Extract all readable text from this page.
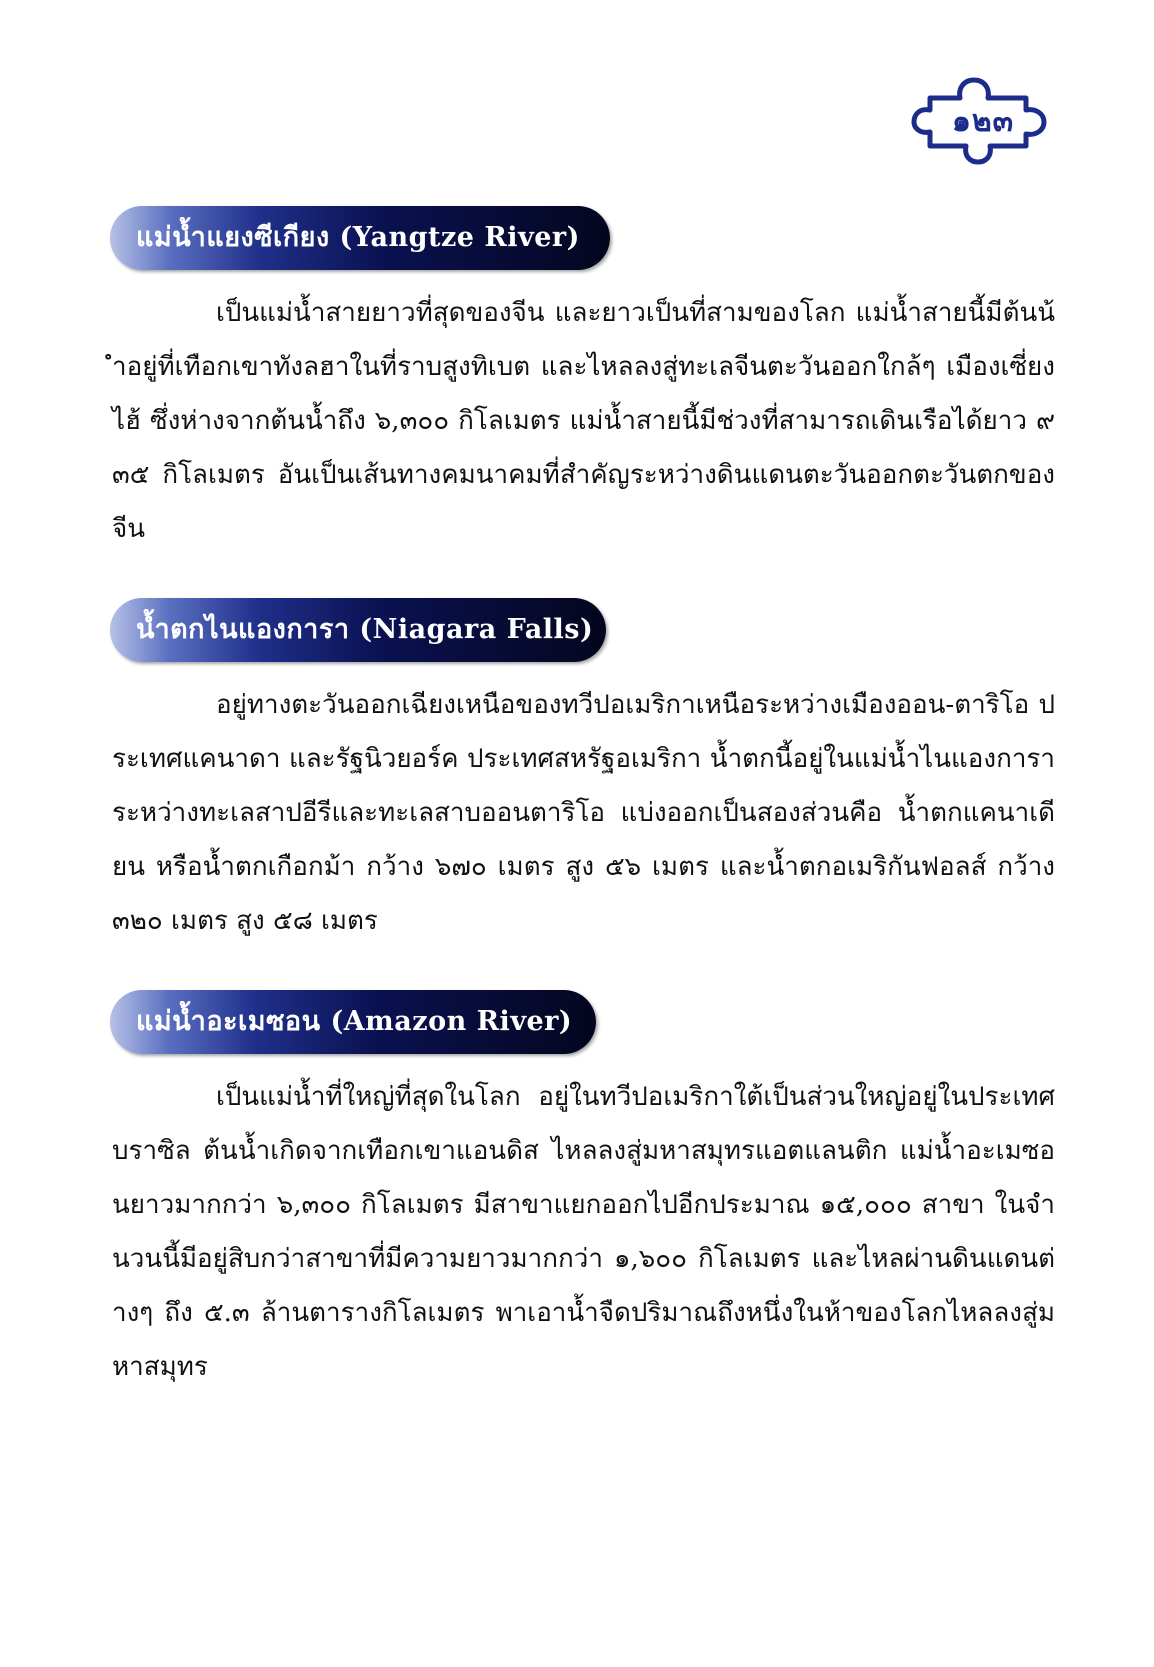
๑๒๓
แม่น้ำแยงซีเกียง (Yangtze River)

เป็นแม่น้ำสายยาวที่สุดของจีน และยาวเป็นที่สามของโลก แม่น้ำสายนี้มีต้นน้ำอยู่ที่เทือกเขาทังลฮาในที่ราบสูงทิเบต และไหลลงสู่ทะเลจีนตะวันออกใกล้ๆ เมืองเซี่ยงไฮ้ ซึ่งห่างจากต้นน้ำถึง ๖,๓๐๐ กิโลเมตร แม่น้ำสายนี้มีช่วงที่สามารถเดินเรือได้ยาว ๙๓๕ กิโลเมตร อันเป็นเส้นทางคมนาคมที่สำคัญระหว่างดินแดนตะวันออกตะวันตกของจีน

น้ำตกไนแองการา (Niagara Falls)

อยู่ทางตะวันออกเฉียงเหนือของทวีปอเมริกาเหนือระหว่างเมืองออน-ตาริโอ ประเทศแคนาดา และรัฐนิวยอร์ค ประเทศสหรัฐอเมริกา น้ำตกนี้อยู่ในแม่น้ำไนแองการาระหว่างทะเลสาปอีรีและทะเลสาบออนตาริโอ แบ่งออกเป็นสองส่วนคือ น้ำตกแคนาเดียน หรือน้ำตกเกือกม้า กว้าง ๖๗๐ เมตร สูง ๕๖ เมตร และน้ำตกอเมริกันฟอลส์ กว้าง ๓๒๐ เมตร สูง ๕๘ เมตร

แม่น้ำอะเมซอน (Amazon River)

เป็นแม่น้ำที่ใหญ่ที่สุดในโลก อยู่ในทวีปอเมริกาใต้เป็นส่วนใหญ่อยู่ในประเทศบราซิล ต้นน้ำเกิดจากเทือกเขาแอนดิส ไหลลงสู่มหาสมุทรแอตแลนติก แม่น้ำอะเมซอนยาวมากกว่า ๖,๓๐๐ กิโลเมตร มีสาขาแยกออกไปอีกประมาณ ๑๕,๐๐๐ สาขา ในจำนวนนี้มีอยู่สิบกว่าสาขาที่มีความยาวมากกว่า ๑,๖๐๐ กิโลเมตร และไหลผ่านดินแดนต่างๆ ถึง ๕.๓ ล้านตารางกิโลเมตร พาเอาน้ำจืดปริมาณถึงหนึ่งในห้าของโลกไหลลงสู่มหาสมุทร
